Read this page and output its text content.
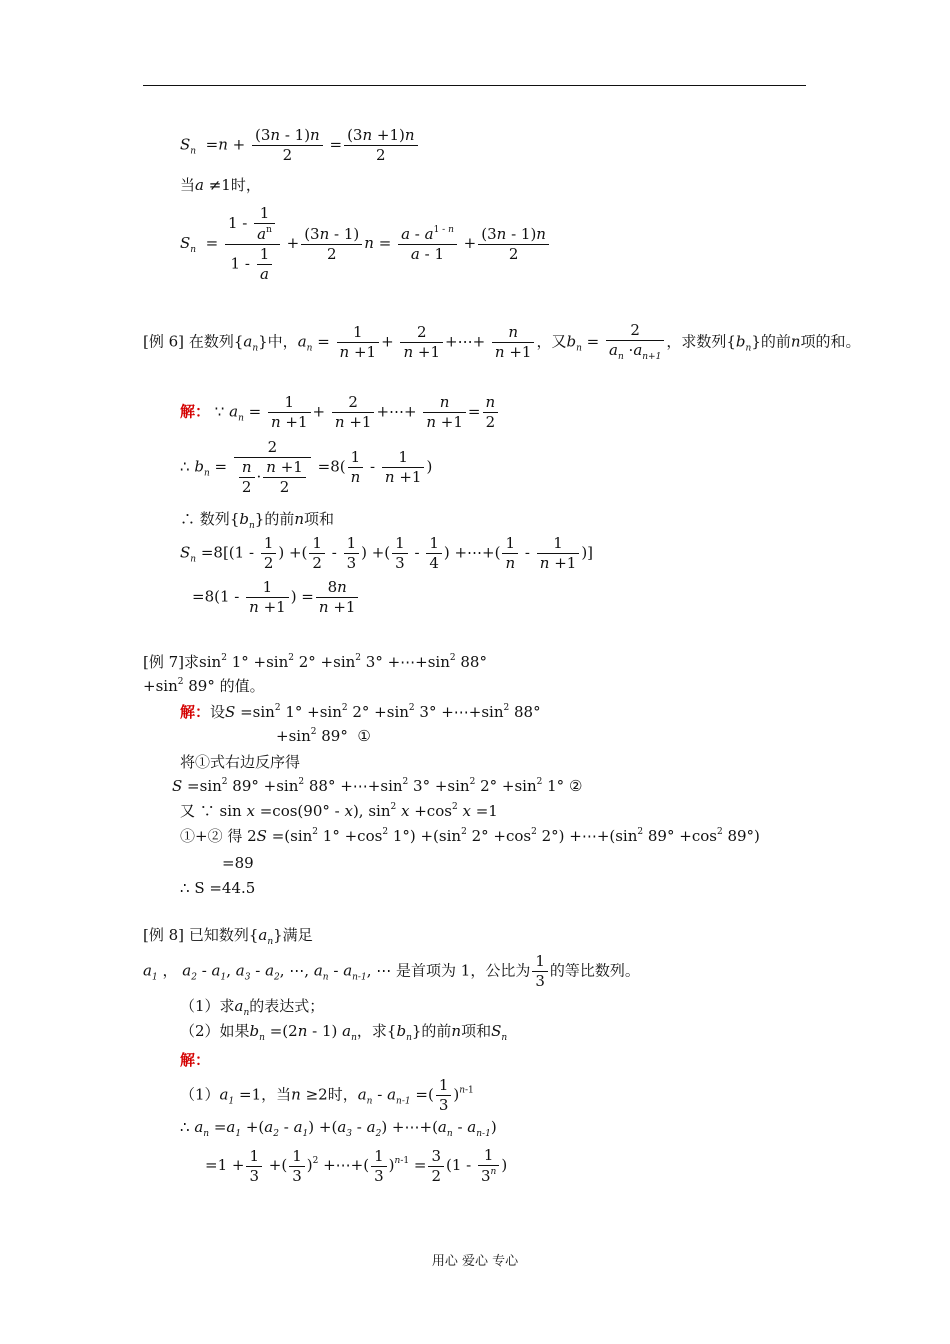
$S_n =n + \frac{(3n - 1)n}{2} = \frac{(3n +1)n}{2}$
当a ≠1时，
$S_n = \frac{1 - \frac{1}{a^n}}{1 - \frac{1}{a}} + \frac{(3n - 1)}{2}$ $n = \frac{a - a^{1 - n}}{a - 1} + \frac{(3n - 1)n}{2}$
[例 6] 在数列$\{a_n\}$中，$a_n = \frac{1}{n +1} + \frac{2}{n +1}$ +⋯+ $\frac{n}{n +1}$ ，又$b_n = \frac{2}{a_n \cdot a_{n+1}}$ ，求数列$\{b_n\}$的前n项的和。
解： ∵ $a_n = \frac{1}{n +1} + \frac{2}{n +1}$ +⋯+ $\frac{n}{n +1} = \frac{n}{2}$
∴ $b_n = \frac{2}{\frac{n}{2} \cdot \frac{n +1}{2}} =8( \frac{1}{n} - \frac{1}{n +1}$ )
∴ 数列$\{b_n\}$的前n项和
$S_n =8[(1 - \frac{1}{2}$ ) +( $\frac{1}{2} - \frac{1}{3}$ ) +( $\frac{1}{3} - \frac{1}{4}$ ) +⋯+( $\frac{1}{n} - \frac{1}{n +1}$ )]
$=8(1 - \frac{1}{n +1}$ ) = $\frac{8n}{n +1}$
[例 7]求$\sin^2 1^\circ +\sin^2$ $2^\circ +\sin^2$ $3^\circ +\cdots+\sin^2$ 88°
$+\sin^2$ 89° 的值。
解：设$S =\sin^2$ $1^\circ +\sin^2$ $2^\circ +\sin^2$ $3^\circ +\cdots+\sin^2$ 88°
$+\sin^2$ 89°  ①
将①式右边反序得
$S =\sin^2$ $89^\circ +\sin^2$ $88^\circ +\cdots+\sin^2$ $3^\circ +\sin^2$ $2^\circ +\sin^2$ 1° ②
又 ∵ sin x =cos(90° - x), $\sin^2 x +\cos^2$ x =1
①+② 得 $2S =(\sin^2$ $1^\circ +\cos^2$ $1^\circ) +(\sin^2$ $2^\circ +\cos^2$ $2^\circ) +\cdots+(\sin^2$ $89^\circ +\cos^2$ 89°)
=89
∴ S =44.5
[例 8] 已知数列$\{a_n\}$满足
$a_1$ ， $a_2 - a_1$, $a_3 - a_2$, ⋯, $a_n - a_{n-1}$, ⋯ 是首项为 1，公比为 $\frac{1}{3}$ 的等比数列。
（1）求$a_n$的表达式；
（2）如果$b_n =(2n - 1)$ $a_n$，求$\{b_n\}$的前n项和$S_n$
解：
$(1)a_1 =1$，当n ≥2时，$a_n - a_{n-1}$ =( $\frac{1}{3} )^{n-1}$
∴ $a_n =a_1 +(a_2 - a_1) +(a_3 - a_2)$ $+\cdots+(a_n - a_{n-1})$
$=1 + \frac{1}{3}$ +( $\frac{1}{3} )^2$ +⋯+( $\frac{1}{3} )^{n-1} = \frac{3}{2} (1 - \frac{1}{3^n}$ )
用心 爱心 专心
